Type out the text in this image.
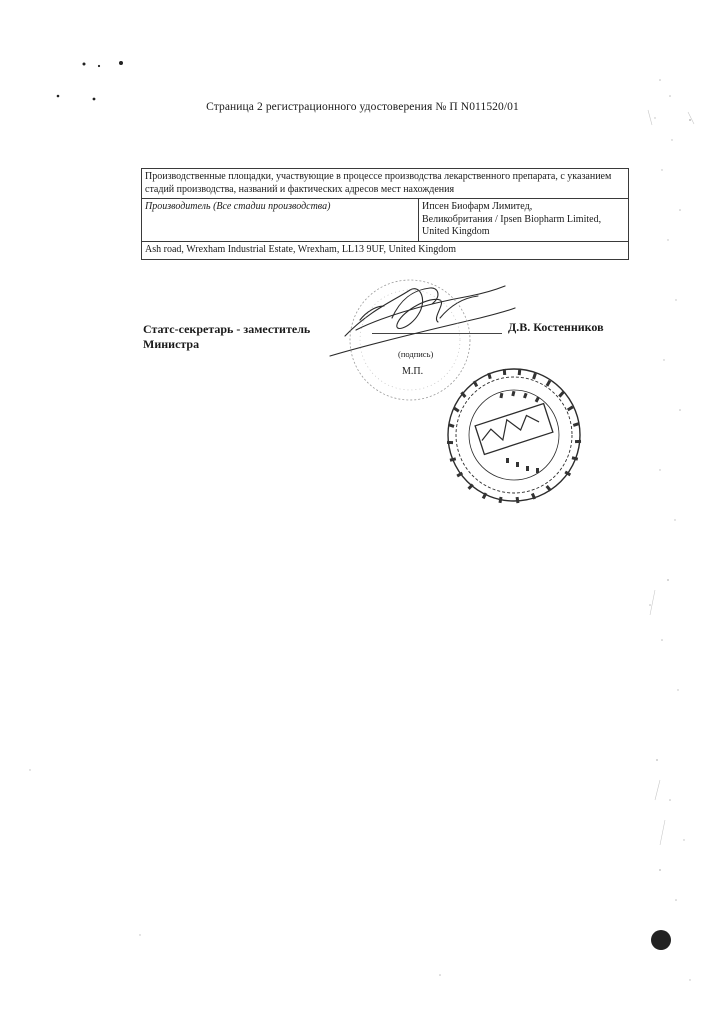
Страница 2 регистрационного удостоверения № П N011520/01
Производственные площадки, участвующие в процессе производства лекарственного препарата, с указанием стадий производства, названий и фактических адресов мест нахождения
Производитель (Все стадии производства)	Ипсен Биофарм Лимитед,
Великобритания / Ipsen Biopharm Limited,
United Kingdom

Ash road, Wrexham Industrial Estate, Wrexham, LL13 9UF, United Kingdom
Статс-секретарь - заместитель Министра
Д.В. Костенников
(подпись)
М.П.
